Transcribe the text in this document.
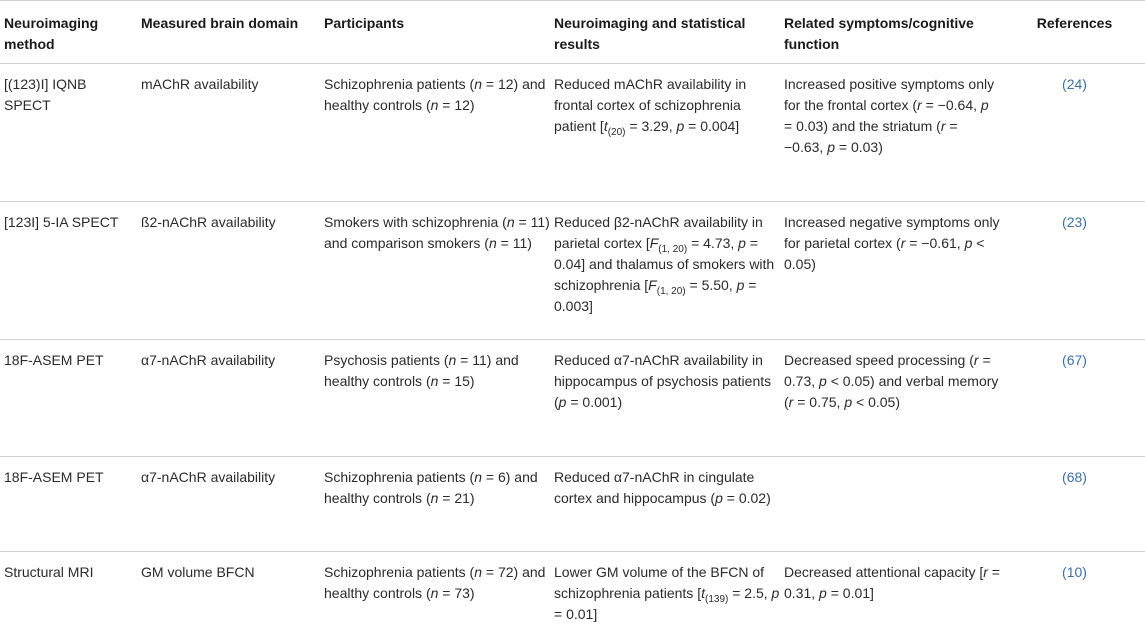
Neuroimaging method	Measured brain domain	Participants	Neuroimaging and statistical results	Related symptoms/cognitive function	References
[(123)I] IQNB SPECT	mAChR availability	Schizophrenia patients (n = 12) and healthy controls (n = 12)	Reduced mAChR availability in frontal cortex of schizophrenia patient [$t_{(20)} = 3.29$, p = 0.004]	Increased positive symptoms only for the frontal cortex (r = −0.64, p = 0.03) and the striatum (r = −0.63, p = 0.03)	(24)
[123I] 5-IA SPECT	ß2-nAChR availability	Smokers with schizophrenia (n = 11) and comparison smokers (n = 11)	Reduced β2-nAChR availability in parietal cortex [$F_{(1, 20)} = 4.73$, p = 0.04] and thalamus of smokers with schizophrenia [$F_{(1, 20)} = 5.50$, p = 0.003]	Increased negative symptoms only for parietal cortex (r = −0.61, p < 0.05)	(23)
18F-ASEM PET	α7-nAChR availability	Psychosis patients (n = 11) and healthy controls (n = 15)	Reduced α7-nAChR availability in hippocampus of psychosis patients (p = 0.001)	Decreased speed processing (r = 0.73, p < 0.05) and verbal memory (r = 0.75, p < 0.05)	(67)
18F-ASEM PET	α7-nAChR availability	Schizophrenia patients (n = 6) and healthy controls (n = 21)	Reduced α7-nAChR in cingulate cortex and hippocampus (p = 0.02)		(68)
Structural MRI	GM volume BFCN	Schizophrenia patients (n = 72) and healthy controls (n = 73)	Lower GM volume of the BFCN of schizophrenia patients [$t_{(139)} = 2.5$, p = 0.01]	Decreased attentional capacity [r = 0.31, p = 0.01]	(10)
